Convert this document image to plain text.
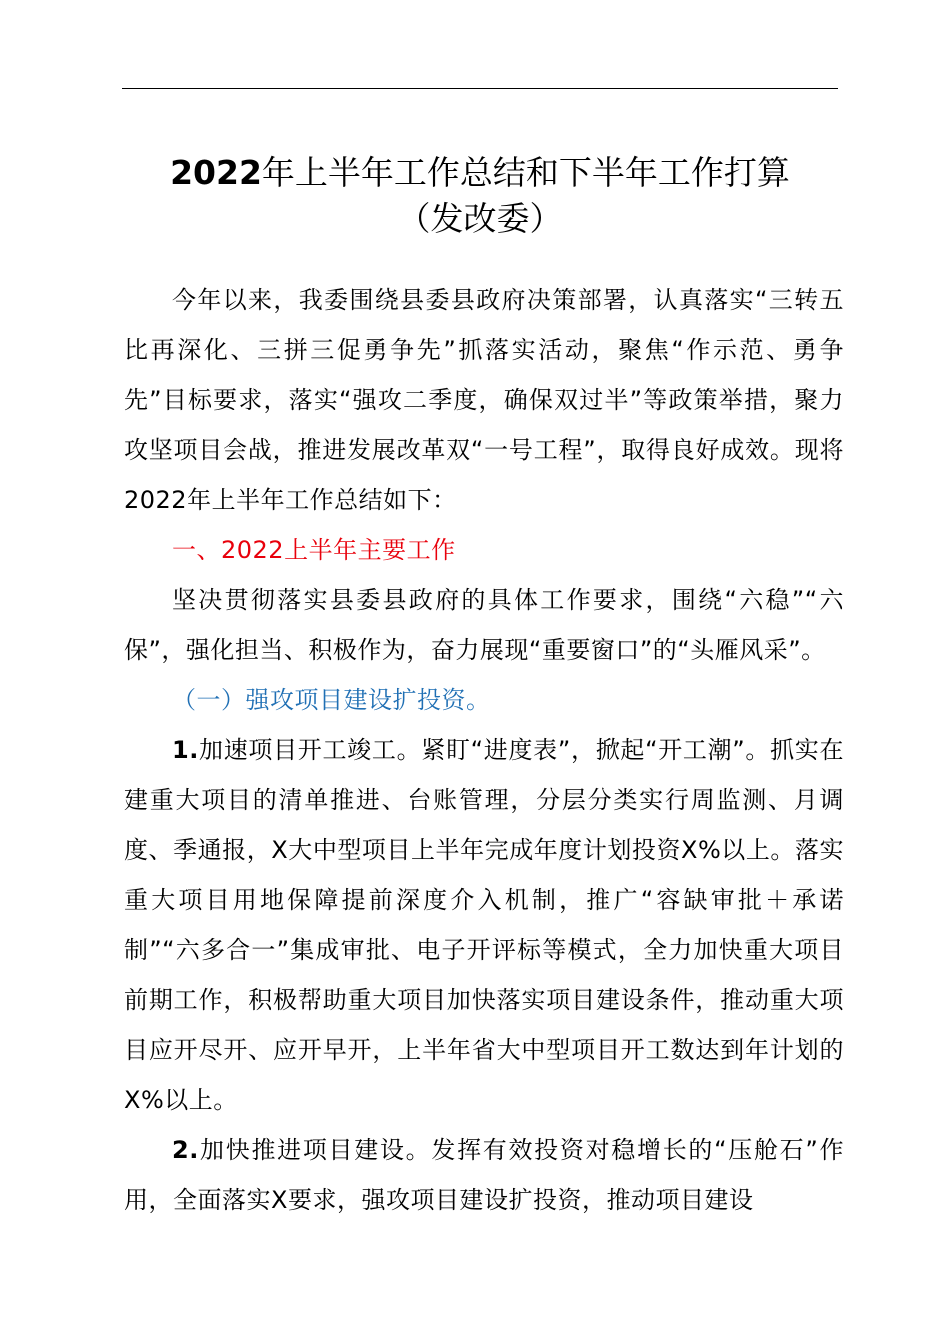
2022年上半年工作总结和下半年工作打算

（发改委）

今年以来，我委围绕县委县政府决策部署，认真落实“三转五比再深化、三拼三促勇争先”抓落实活动，聚焦“作示范、勇争先”目标要求，落实“强攻二季度，确保双过半”等政策举措，聚力攻坚项目会战，推进发展改革双“一号工程”，取得良好成效。现将2022年上半年工作总结如下：

一、2022上半年主要工作

坚决贯彻落实县委县政府的具体工作要求，围绕“六稳”“六保”，强化担当、积极作为，奋力展现“重要窗口”的“头雁风采”。

（一）强攻项目建设扩投资。

1.加速项目开工竣工。紧盯“进度表”，掀起“开工潮”。抓实在建重大项目的清单推进、台账管理，分层分类实行周监测、月调度、季通报，X大中型项目上半年完成年度计划投资X%以上。落实重大项目用地保障提前深度介入机制，推广“容缺审批＋承诺制”“六多合一”集成审批、电子开评标等模式，全力加快重大项目前期工作，积极帮助重大项目加快落实项目建设条件，推动重大项目应开尽开、应开早开，上半年省大中型项目开工数达到年计划的X%以上。

2.加快推进项目建设。发挥有效投资对稳增长的“压舱石”作用，全面落实X要求，强攻项目建设扩投资，推动项目建设
